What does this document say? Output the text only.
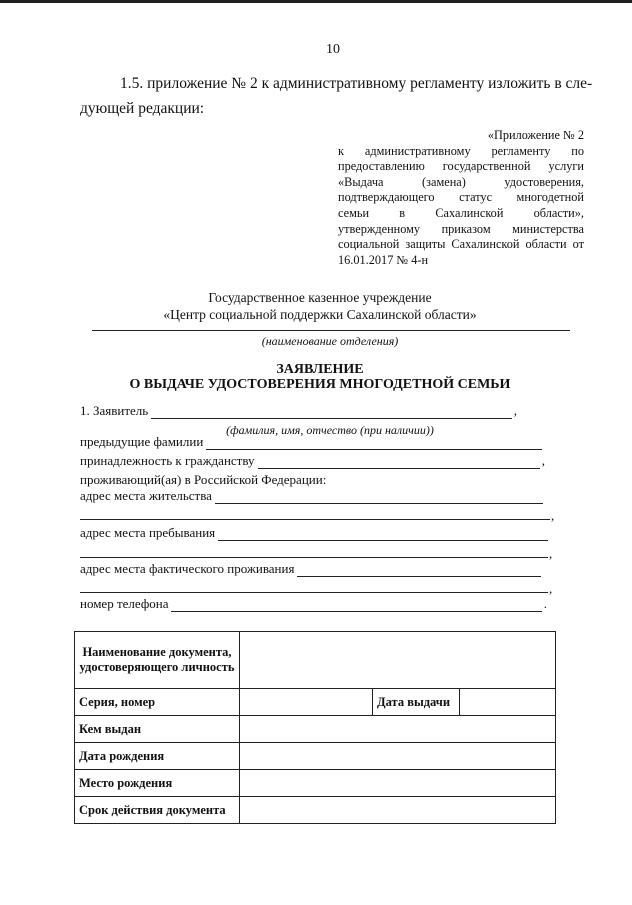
10
1.5. приложение № 2 к административному регламенту изложить в сле-
дующей редакции:
«Приложение № 2
к административному регламенту по
предоставлению государственной услуги
«Выдача (замена) удостоверения,
подтверждающего статус многодетной
семьи в Сахалинской области»,
утвержденному приказом министерства
социальной защиты Сахалинской области от
16.01.2017 № 4-н
Государственное казенное учреждение
«Центр социальной поддержки Сахалинской области»
(наименование отделения)
ЗАЯВЛЕНИЕ
О ВЫДАЧЕ УДОСТОВЕРЕНИЯ МНОГОДЕТНОЙ СЕМЬИ
1. Заявитель	,
(фамилия, имя, отчество (при наличии))
предыдущие фамилии
принадлежность к гражданству	,
проживающий(ая) в Российской Федерации:
адрес места жительства
,
адрес места пребывания
,
адрес места фактического проживания
,
номер телефона	.
Наименование документа, удостоверяющего личность			
Серия, номер		Дата выдачи	
Кем выдан			
Дата рождения			
Место рождения			
Срок действия документа			
